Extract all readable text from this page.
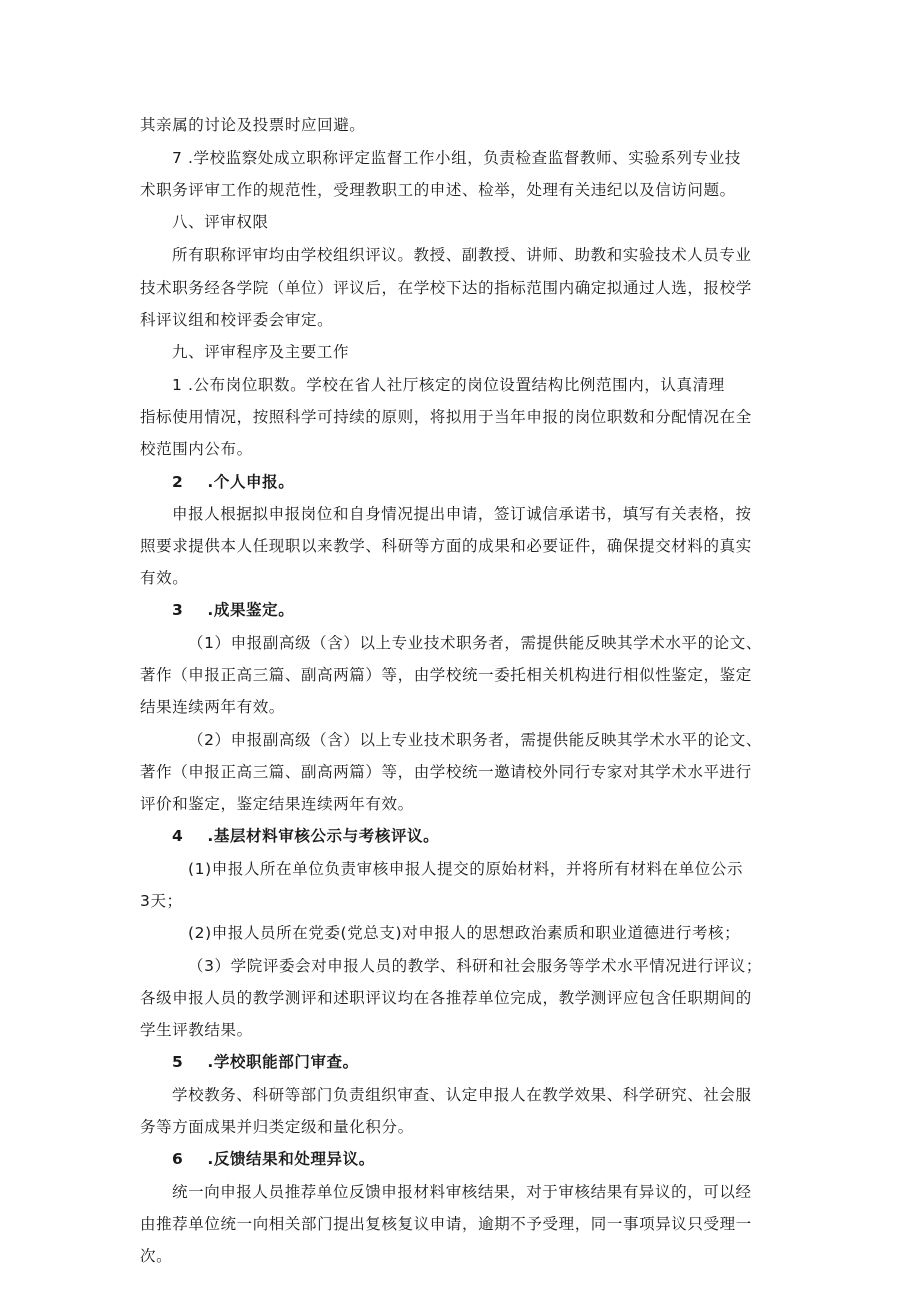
其亲属的讨论及投票时应回避。
7 .学校监察处成立职称评定监督工作小组，负责检查监督教师、实验系列专业技
术职务评审工作的规范性，受理教职工的申述、检举，处理有关违纪以及信访问题。
八、评审权限
所有职称评审均由学校组织评议。教授、副教授、讲师、助教和实验技术人员专业
技术职务经各学院（单位）评议后，在学校下达的指标范围内确定拟通过人选，报校学
科评议组和校评委会审定。
九、评审程序及主要工作
1 .公布岗位职数。学校在省人社厅核定的岗位设置结构比例范围内，认真清理
指标使用情况，按照科学可持续的原则，将拟用于当年申报的岗位职数和分配情况在全
校范围内公布。
2    .个人申报。
申报人根据拟申报岗位和自身情况提出申请，签订诚信承诺书，填写有关表格，按
照要求提供本人任现职以来教学、科研等方面的成果和必要证件，确保提交材料的真实
有效。
3    .成果鉴定。
（1）申报副高级（含）以上专业技术职务者，需提供能反映其学术水平的论文、
著作（申报正高三篇、副高两篇）等，由学校统一委托相关机构进行相似性鉴定，鉴定
结果连续两年有效。
（2）申报副高级（含）以上专业技术职务者，需提供能反映其学术水平的论文、
著作（申报正高三篇、副高两篇）等，由学校统一邀请校外同行专家对其学术水平进行
评价和鉴定，鉴定结果连续两年有效。
4    .基层材料审核公示与考核评议。
(1)申报人所在单位负责审核申报人提交的原始材料，并将所有材料在单位公示
3天；
(2)申报人员所在党委(党总支)对申报人的思想政治素质和职业道德进行考核；
（3）学院评委会对申报人员的教学、科研和社会服务等学术水平情况进行评议；
各级申报人员的教学测评和述职评议均在各推荐单位完成，教学测评应包含任职期间的
学生评教结果。
5    .学校职能部门审查。
学校教务、科研等部门负责组织审查、认定申报人在教学效果、科学研究、社会服
务等方面成果并归类定级和量化积分。
6    .反馈结果和处理异议。
统一向申报人员推荐单位反馈申报材料审核结果，对于审核结果有异议的，可以经
由推荐单位统一向相关部门提出复核复议申请，逾期不予受理，同一事项异议只受理一
次。
